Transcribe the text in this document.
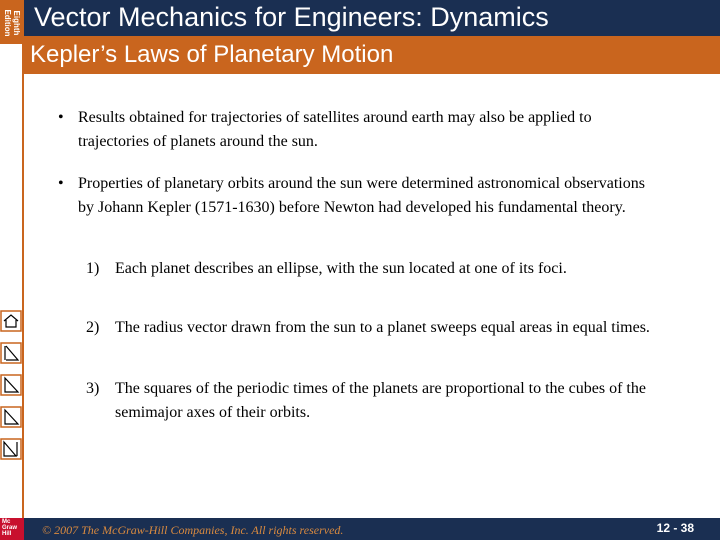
Eighth Edition Vector Mechanics for Engineers: Dynamics
Kepler’s Laws of Planetary Motion
• Results obtained for trajectories of satellites around earth may also be applied to trajectories of planets around the sun.
• Properties of planetary orbits around the sun were determined astronomical observations by Johann Kepler (1571-1630) before Newton had developed his fundamental theory.
1) Each planet describes an ellipse, with the sun located at one of its foci.
2) The radius vector drawn from the sun to a planet sweeps equal areas in equal times.
3) The squares of the periodic times of the planets are proportional to the cubes of the semimajor axes of their orbits.
Mc Graw Hill	© 2007 The McGraw-Hill Companies, Inc. All rights reserved.	12 - 38
